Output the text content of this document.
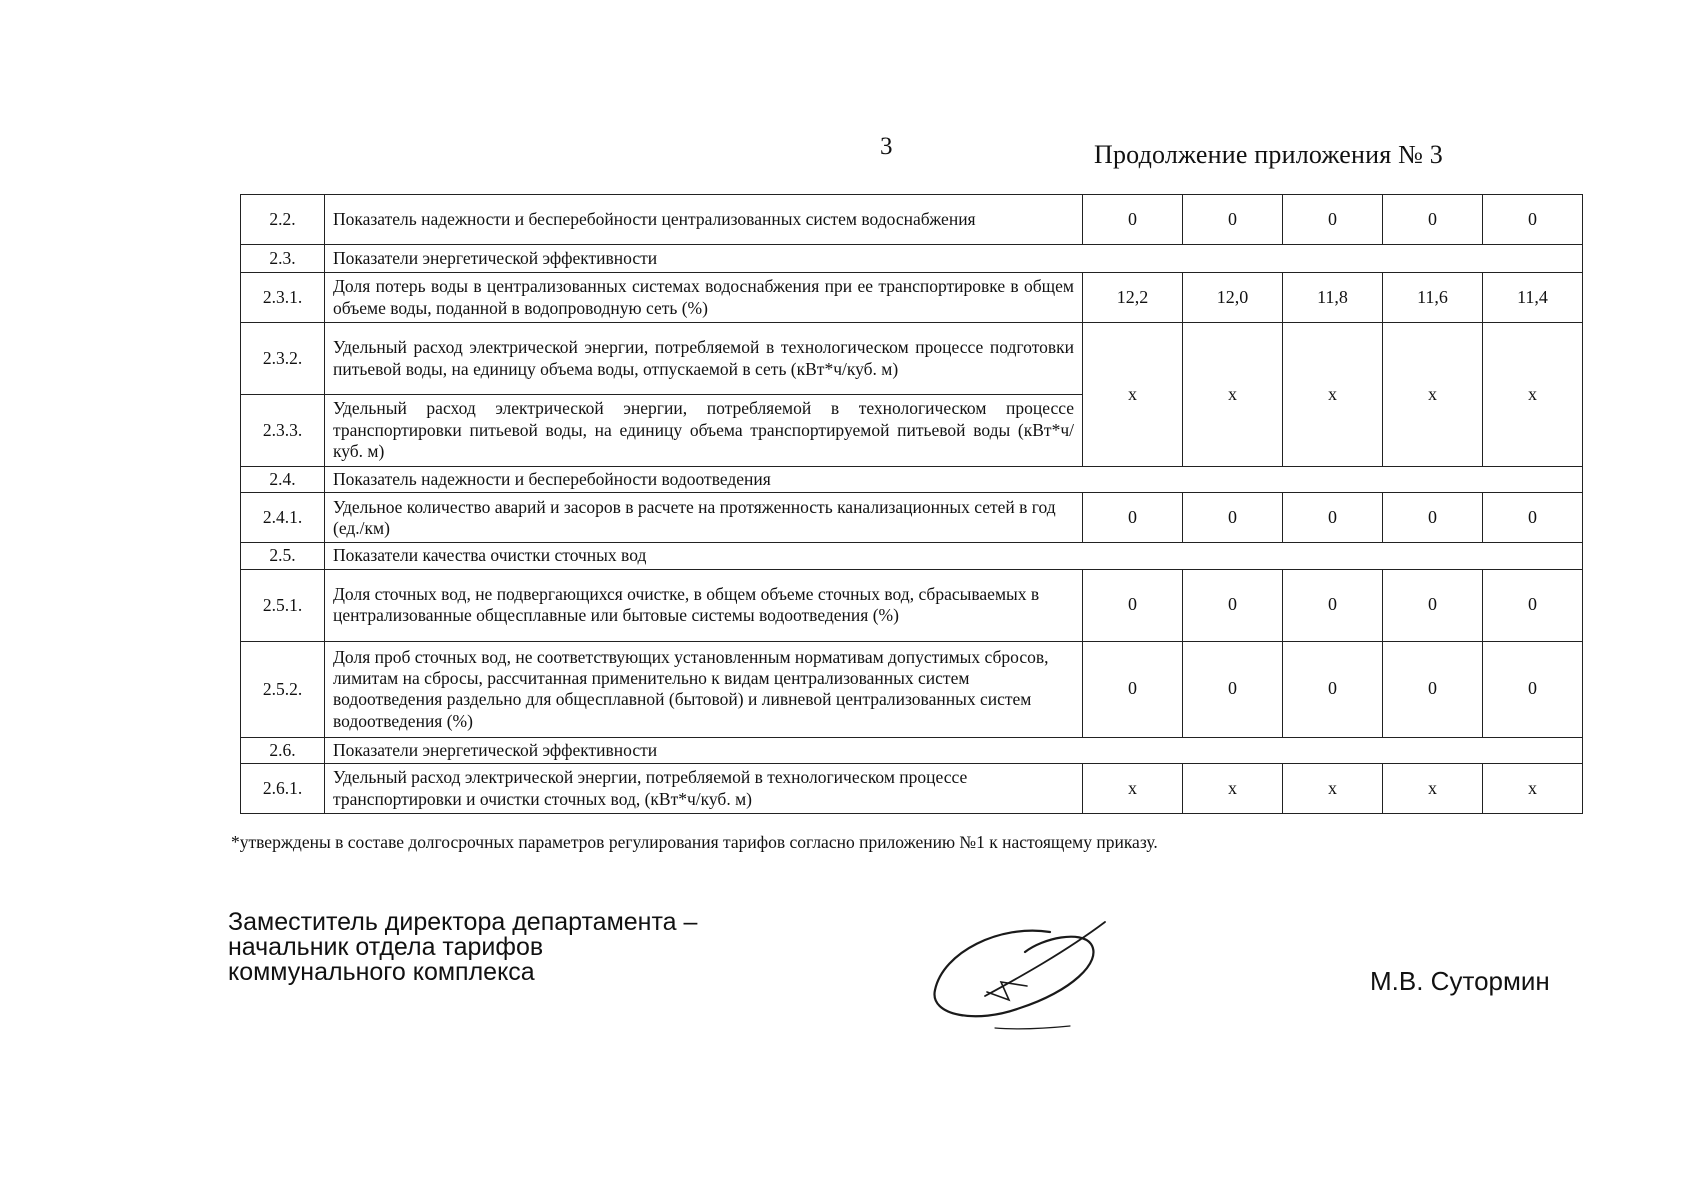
3	Продолжение приложения № 3
2.2.	Показатель надежности и бесперебойности централизованных систем водоснабжения	0	0	0	0	0
2.3.	Показатели энергетической эффективности					
2.3.1.	Доля потерь воды в централизованных системах водоснабжения при ее транспортировке в общем объеме воды, поданной в водопроводную сеть (%)	12,2	12,0	11,8	11,6	11,4
2.3.2.	Удельный расход электрической энергии, потребляемой в технологическом процессе подготовки питьевой воды, на единицу объема воды, отпускаемой в сеть (кВт*ч/куб. м)	x	x	x	x	x
2.3.3.	Удельный расход электрической энергии, потребляемой в технологическом процессе транспортировки питьевой воды, на единицу объема транспортируемой питьевой воды (кВт*ч/куб. м)					
2.4.	Показатель надежности и бесперебойности водоотведения					
2.4.1.	Удельное количество аварий и засоров в расчете на протяженность канализационных сетей в год (ед./км)	0	0	0	0	0
2.5.	Показатели качества очистки сточных вод					
2.5.1.	Доля сточных вод, не подвергающихся очистке, в общем объеме сточных вод, сбрасываемых в централизованные общесплавные или бытовые системы водоотведения (%)	0	0	0	0	0
2.5.2.	Доля проб сточных вод, не соответствующих установленным нормативам допустимых сбросов, лимитам на сбросы, рассчитанная применительно к видам централизованных систем водоотведения раздельно для общесплавной (бытовой) и ливневой централизованных систем водоотведения (%)	0	0	0	0	0
2.6.	Показатели энергетической эффективности					
2.6.1.	Удельный расход электрической энергии, потребляемой в технологическом процессе транспортировки и очистки сточных вод, (кВт*ч/куб. м)	x	x	x	x	x
*утверждены в составе долгосрочных параметров регулирования тарифов согласно приложению №1 к настоящему приказу.
Заместитель директора департамента –
начальник отдела тарифов
коммунального комплекса	М.В. Сутормин
